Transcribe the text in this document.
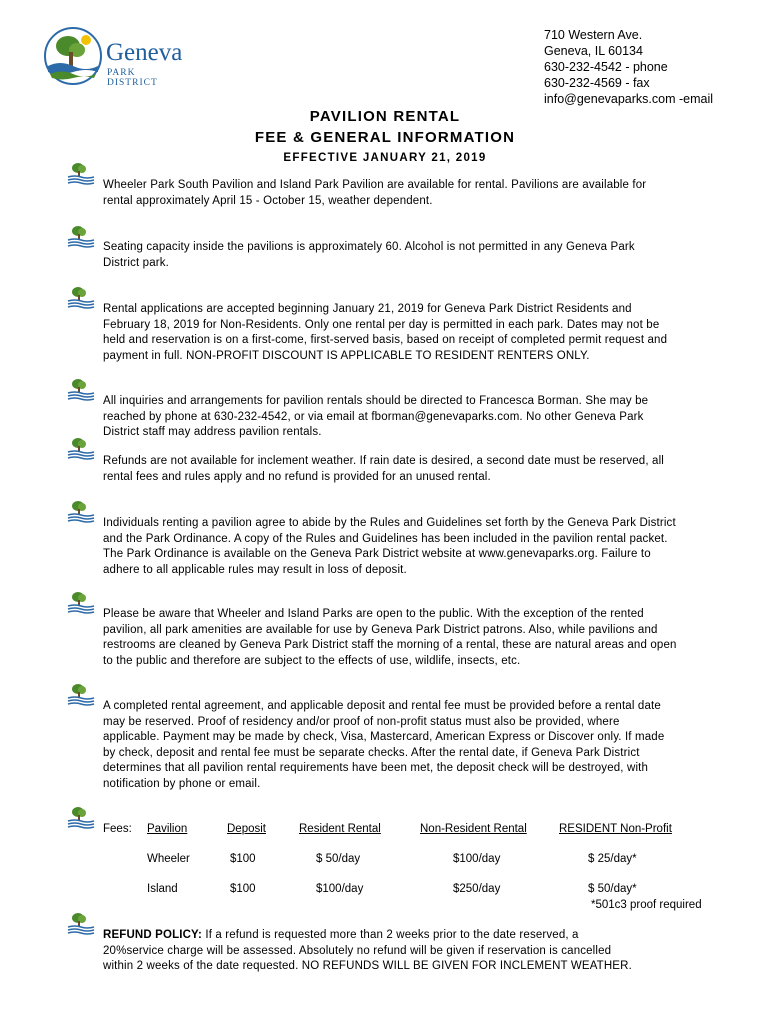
Geneva
PARK DISTRICT
710 Western Ave.
Geneva, IL 60134
630-232-4542 - phone
630-232-4569 - fax
info@genevaparks.com -email
PAVILION RENTAL
FEE & GENERAL INFORMATION
EFFECTIVE JANUARY 21, 2019
Wheeler Park South Pavilion and Island Park Pavilion are available for rental. Pavilions are available for
rental approximately April 15 - October 15, weather dependent.
Seating capacity inside the pavilions is approximately 60. Alcohol is not permitted in any Geneva Park
District park.
Rental applications are accepted beginning January 21, 2019 for Geneva Park District Residents and
February 18, 2019 for Non-Residents. Only one rental per day is permitted in each park. Dates may not be
held and reservation is on a first-come, first-served basis, based on receipt of completed permit request and
payment in full. NON-PROFIT DISCOUNT IS APPLICABLE TO RESIDENT RENTERS ONLY.
All inquiries and arrangements for pavilion rentals should be directed to Francesca Borman. She may be
reached by phone at 630-232-4542, or via email at fborman@genevaparks.com. No other Geneva Park
District staff may address pavilion rentals.
Refunds are not available for inclement weather. If rain date is desired, a second date must be reserved, all
rental fees and rules apply and no refund is provided for an unused rental.
Individuals renting a pavilion agree to abide by the Rules and Guidelines set forth by the Geneva Park District
and the Park Ordinance. A copy of the Rules and Guidelines has been included in the pavilion rental packet.
The Park Ordinance is available on the Geneva Park District website at www.genevaparks.org. Failure to
adhere to all applicable rules may result in loss of deposit.
Please be aware that Wheeler and Island Parks are open to the public. With the exception of the rented
pavilion, all park amenities are available for use by Geneva Park District patrons. Also, while pavilions and
restrooms are cleaned by Geneva Park District staff the morning of a rental, these are natural areas and open
to the public and therefore are subject to the effects of use, wildlife, insects, etc.
A completed rental agreement, and applicable deposit and rental fee must be provided before a rental date
may be reserved. Proof of residency and/or proof of non-profit status must also be provided, where
applicable. Payment may be made by check, Visa, Mastercard, American Express or Discover only. If made
by check, deposit and rental fee must be separate checks. After the rental date, if Geneva Park District
determines that all pavilion rental requirements have been met, the deposit check will be destroyed, with
notification by phone or email.
Fees: Pavilion	Deposit	Resident Rental	Non-Resident Rental	RESIDENT Non-Profit
Wheeler	$100	$ 50/day	$100/day	$ 25/day*
Island	$100	$100/day	$250/day	$ 50/day*
*501c3 proof required
REFUND POLICY: If a refund is requested more than 2 weeks prior to the date reserved, a
20%service charge will be assessed. Absolutely no refund will be given if reservation is cancelled
within 2 weeks of the date requested. NO REFUNDS WILL BE GIVEN FOR INCLEMENT WEATHER.
